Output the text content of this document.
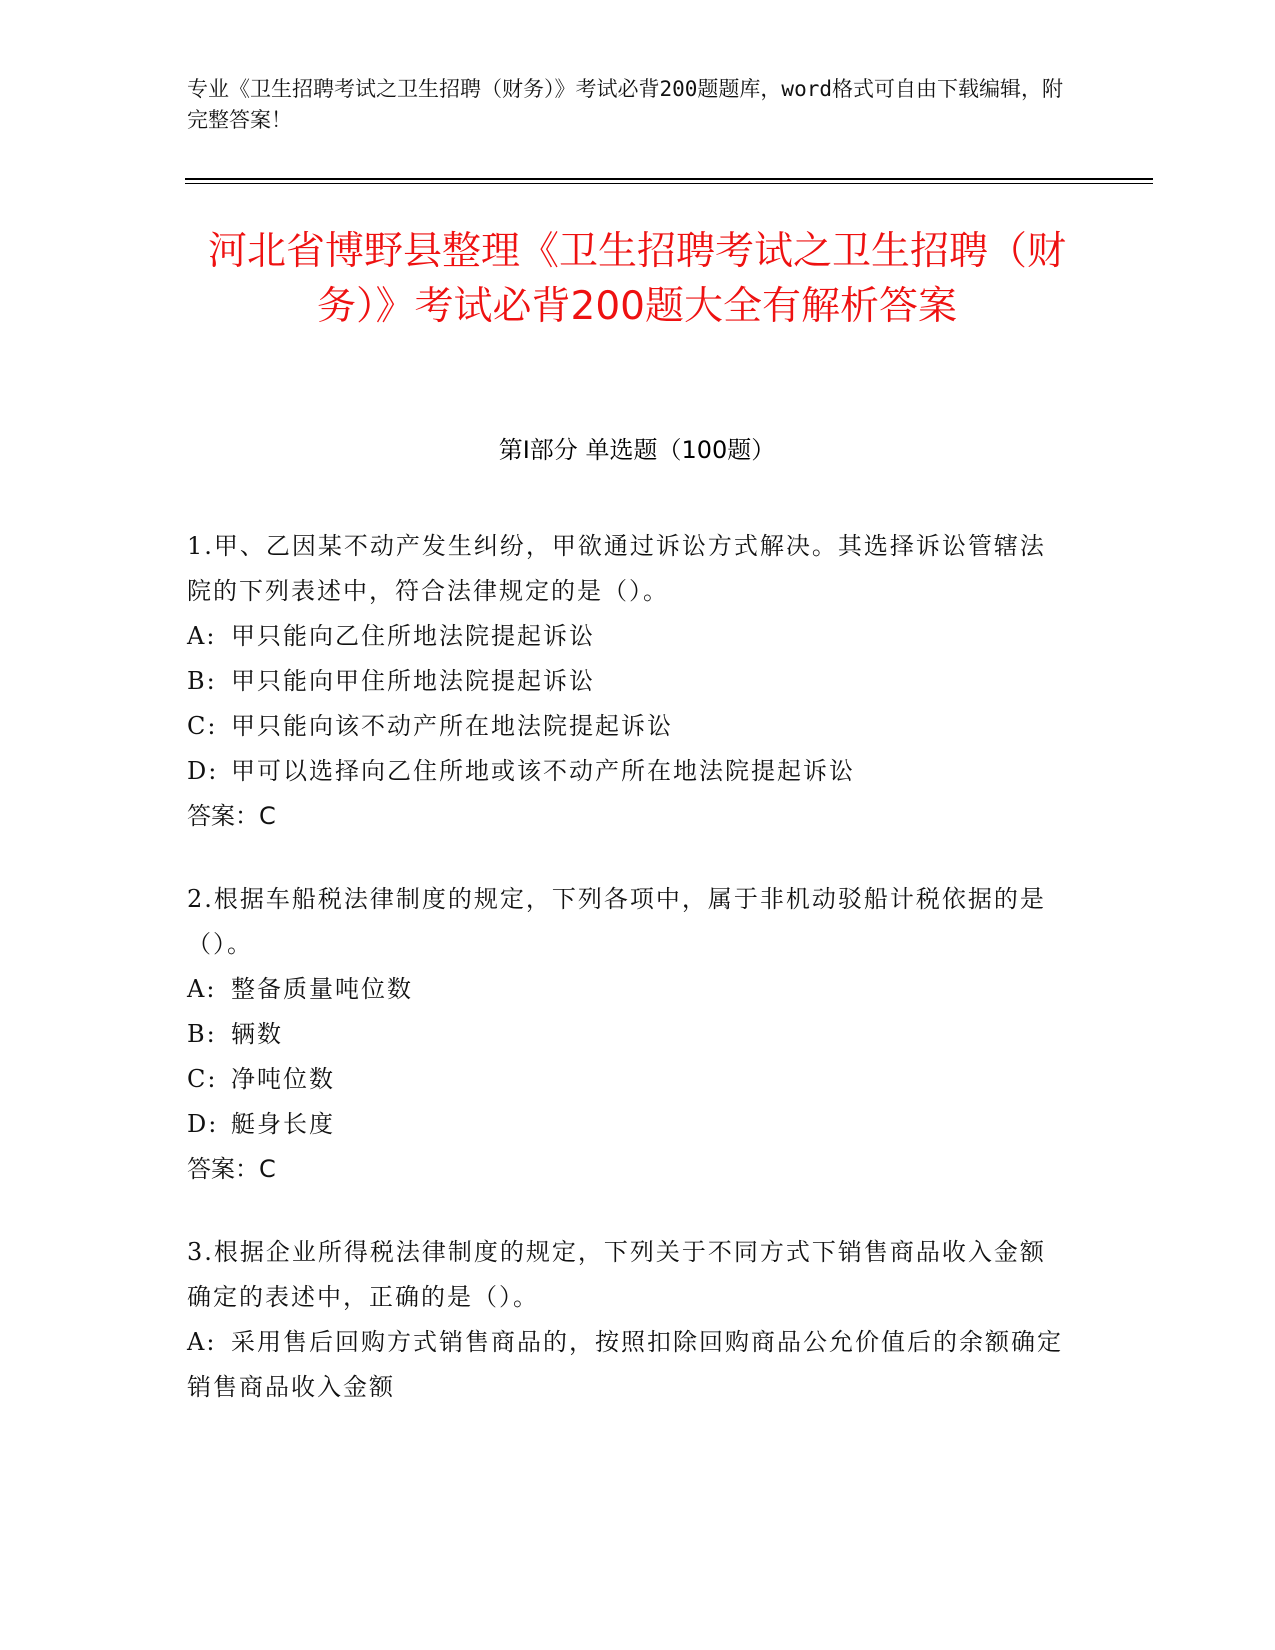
专业《卫生招聘考试之卫生招聘（财务）》考试必背200题题库，word格式可自由下载编辑，附完整答案！
河北省博野县整理《卫生招聘考试之卫生招聘（财务）》考试必背200题大全有解析答案
第I部分 单选题（100题）

1.甲、乙因某不动产发生纠纷，甲欲通过诉讼方式解决。其选择诉讼管辖法院的下列表述中，符合法律规定的是（）。

A: 甲只能向乙住所地法院提起诉讼

B: 甲只能向甲住所地法院提起诉讼

C: 甲只能向该不动产所在地法院提起诉讼

D: 甲可以选择向乙住所地或该不动产所在地法院提起诉讼

答案：C

2.根据车船税法律制度的规定，下列各项中，属于非机动驳船计税依据的是（）。

A: 整备质量吨位数

B: 辆数

C: 净吨位数

D: 艇身长度

答案：C

3.根据企业所得税法律制度的规定，下列关于不同方式下销售商品收入金额确定的表述中，正确的是（）。

A: 采用售后回购方式销售商品的，按照扣除回购商品公允价值后的余额确定销售商品收入金额
